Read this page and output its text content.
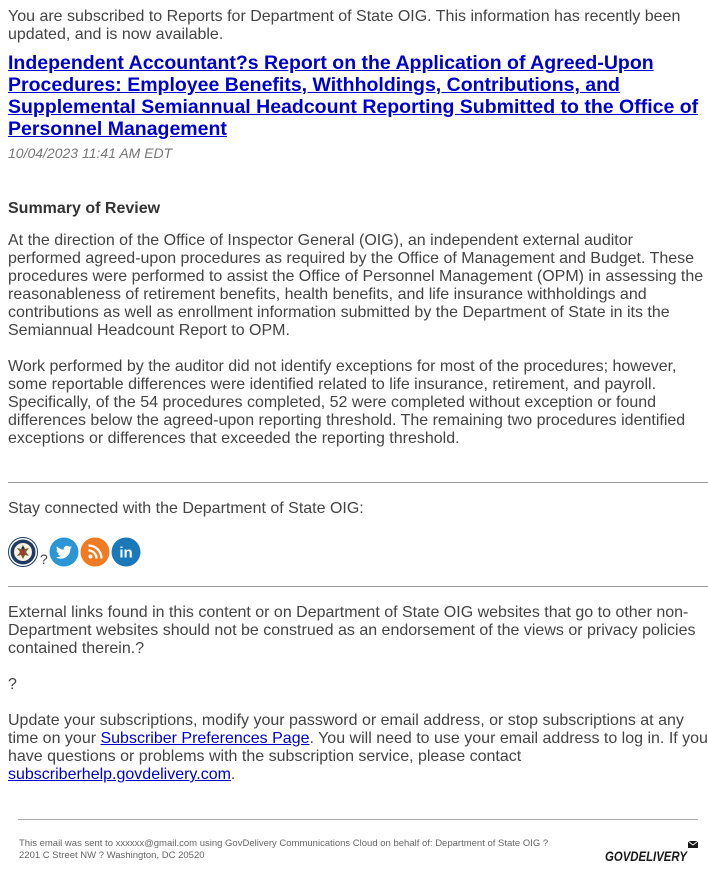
You are subscribed to Reports for Department of State OIG. This information has recently been updated, and is now available.

Independent Accountant?s Report on the Application of Agreed-Upon Procedures: Employee Benefits, Withholdings, Contributions, and Supplemental Semiannual Headcount Reporting Submitted to the Office of Personnel Management

10/04/2023 11:41 AM EDT

Summary of Review

At the direction of the Office of Inspector General (OIG), an independent external auditor performed agreed-upon procedures as required by the Office of Management and Budget. These procedures were performed to assist the Office of Personnel Management (OPM) in assessing the reasonableness of retirement benefits, health benefits, and life insurance withholdings and contributions as well as enrollment information submitted by the Department of State in its the Semiannual Headcount Report to OPM.

Work performed by the auditor did not identify exceptions for most of the procedures; however, some reportable differences were identified related to life insurance, retirement, and payroll. Specifically, of the 54 procedures completed, 52 were completed without exception or found differences below the agreed-upon reporting threshold. The remaining two procedures identified exceptions or differences that exceeded the reporting threshold.

Stay connected with the Department of State OIG:

?	in

External links found in this content or on Department of State OIG websites that go to other non-Department websites should not be construed as an endorsement of the views or privacy policies contained therein.?

?

Update your subscriptions, modify your password or email address, or stop subscriptions at any time on your Subscriber Preferences Page. You will need to use your email address to log in. If you have questions or problems with the subscription service, please contact subscriberhelp.govdelivery.com.

This email was sent to xxxxxx@gmail.com using GovDelivery Communications Cloud on behalf of: Department of State OIG ?
2201 C Street NW ? Washington, DC 20520	GOVDELIVERY
